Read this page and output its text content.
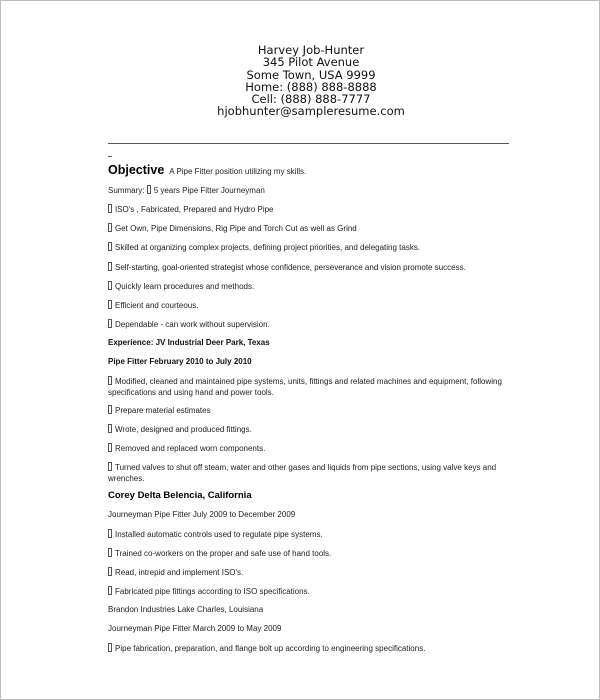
Harvey Job-Hunter
345 Pilot Avenue
Some Town, USA 9999
Home: (888) 888-8888
Cell: (888) 888-7777
hjobhunter@sampleresume.com
Objective A Pipe Fitter position utilizing my skills.
Summary: 5 years Pipe Fitter Journeyman
ISO's , Fabricated, Prepared and Hydro Pipe
Get Own, Pipe Dimensions, Rig Pipe and Torch Cut as well as Grind
Skilled at organizing complex projects, defining project priorities, and delegating tasks.
Self-starting, goal-oriented strategist whose confidence, perseverance and vision promote success.
Quickly learn procedures and methods.
Efficient and courteous.
Dependable - can work without supervision.
Experience: JV Industrial Deer Park, Texas
Pipe Fitter February 2010 to July 2010
Modified, cleaned and maintained pipe systems, units, fittings and related machines and equipment, following specifications and using hand and power tools.
Prepare material estimates
Wrote, designed and produced fittings.
Removed and replaced worn components.
Turned valves to shut off steam, water and other gases and liquids from pipe sections, using valve keys and wrenches.
Corey Delta Belencia, California
Journeyman Pipe Fitter July 2009 to December 2009
Installed automatic controls used to regulate pipe systems.
Trained co-workers on the proper and safe use of hand tools.
Read, intrepid and implement ISO's.
Fabricated pipe fittings according to ISO specifications.
Brandon Industries Lake Charles, Louisiana
Journeyman Pipe Fitter March 2009 to May 2009
Pipe fabrication, preparation, and flange bolt up according to engineering specifications.
